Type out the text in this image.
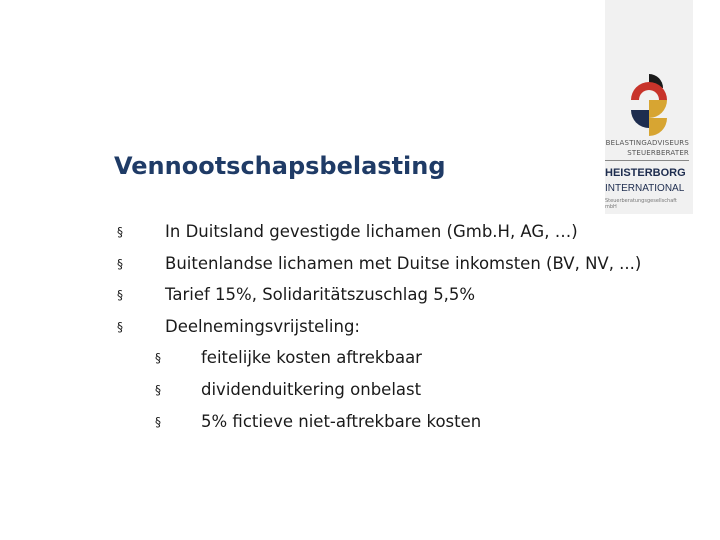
BELASTINGADVISEURS
STEUERBERATER
HEISTERBORG
INTERNATIONAL
Steuerberatungsgesellschaft mbH
Vennootschapsbelasting
§	In Duitsland gevestigde lichamen (Gmb.H, AG, …)
§	Buitenlandse lichamen met Duitse inkomsten (BV, NV, ...)
§	Tarief 15%, Solidaritätszuschlag 5,5%
§	Deelnemingsvrijsteling:
§ feitelijke kosten aftrekbaar
§ dividenduitkering onbelast
§ 5% fictieve niet-aftrekbare kosten
